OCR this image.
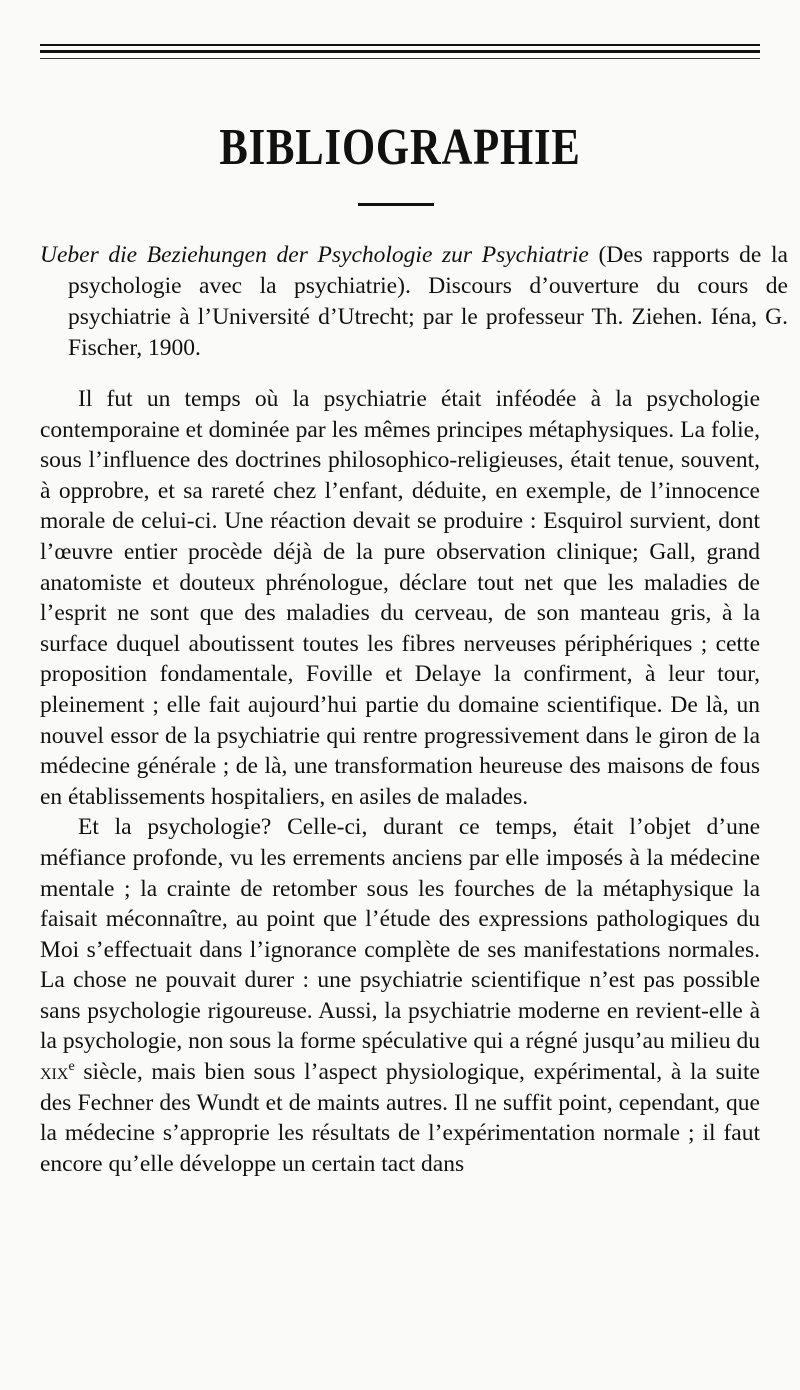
BIBLIOGRAPHIE
Ueber die Beziehungen der Psychologie zur Psychiatrie (Des rapports de la psychologie avec la psychiatrie). Discours d’ouverture du cours de psychiatrie à l’Université d’Utrecht; par le professeur Th. Ziehen. Iéna, G. Fischer, 1900.

Il fut un temps où la psychiatrie était inféodée à la psychologie contemporaine et dominée par les mêmes principes métaphysiques. La folie, sous l’influence des doctrines philosophico-religieuses, était tenue, souvent, à opprobre, et sa rareté chez l’enfant, déduite, en exemple, de l’innocence morale de celui-ci. Une réaction devait se produire : Esquirol survient, dont l’œuvre entier procède déjà de la pure observation clinique; Gall, grand anatomiste et douteux phrénologue, déclare tout net que les maladies de l’esprit ne sont que des maladies du cerveau, de son manteau gris, à la surface duquel aboutissent toutes les fibres nerveuses périphériques ; cette proposition fondamentale, Foville et Delaye la confirment, à leur tour, pleinement ; elle fait aujourd’hui partie du domaine scientifique. De là, un nouvel essor de la psychiatrie qui rentre progressivement dans le giron de la médecine générale ; de là, une transformation heureuse des maisons de fous en établissements hospitaliers, en asiles de malades.

Et la psychologie? Celle-ci, durant ce temps, était l’objet d’une méfiance profonde, vu les errements anciens par elle imposés à la médecine mentale ; la crainte de retomber sous les fourches de la métaphysique la faisait méconnaître, au point que l’étude des expressions pathologiques du Moi s’effectuait dans l’ignorance complète de ses manifestations normales. La chose ne pouvait durer : une psychiatrie scientifique n’est pas possible sans psychologie rigoureuse. Aussi, la psychiatrie moderne en revient-elle à la psychologie, non sous la forme spéculative qui a régné jusqu’au milieu du xix$^e$ siècle, mais bien sous l’aspect physiologique, expérimental, à la suite des Fechner des Wundt et de maints autres. Il ne suffit point, cependant, que la médecine s’approprie les résultats de l’expérimentation normale ; il faut encore qu’elle développe un certain tact dans
